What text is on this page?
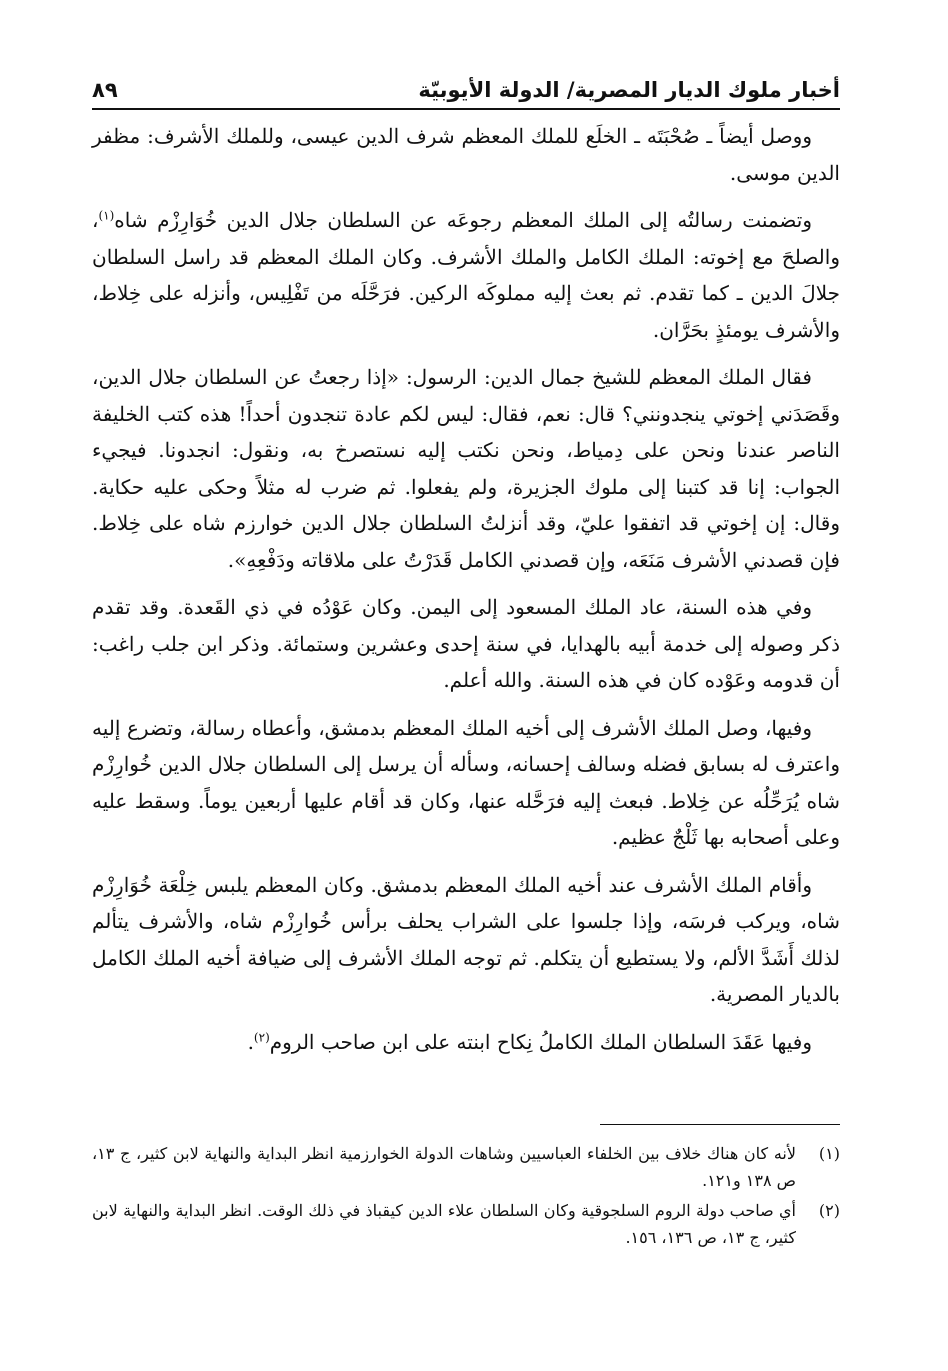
أخبار ملوك الديار المصرية/ الدولة الأيوبيّة
٨٩

ووصل أيضاً ـ صُحْبَتَه ـ الخلَع للملك المعظم شرف الدين عيسى، وللملك الأشرف: مظفر الدين موسى.

وتضمنت رسالتُه إلى الملك المعظم رجوعَه عن السلطان جلال الدين خُوَارِزْم شاه$^{(١)}$، والصلحَ مع إخوته: الملك الكامل والملك الأشرف. وكان الملك المعظم قد راسل السلطان جلالَ الدين ـ كما تقدم. ثم بعث إليه مملوكَه الركين. فرَحَّلَه من تَفْلِيس، وأنزله على خِلاط، والأشرف يومئذٍ بحَرَّان.

فقال الملك المعظم للشيخ جمال الدين: الرسول: «إذا رجعتُ عن السلطان جلال الدين، وقَصَدَني إخوتي ينجدونني؟ قال: نعم، فقال: ليس لكم عادة تنجدون أحداً! هذه كتب الخليفة الناصر عندنا ونحن على دِمياط، ونحن نكتب إليه نستصرخ به، ونقول: انجدونا. فيجيء الجواب: إنا قد كتبنا إلى ملوك الجزيرة، ولم يفعلوا. ثم ضرب له مثلاً وحكى عليه حكاية. وقال: إن إخوتي قد اتفقوا عليّ، وقد أنزلتُ السلطان جلال الدين خوارزم شاه على خِلاط. فإن قصدني الأشرف مَنَعَه، وإن قصدني الكامل قَدَرْتُ على ملاقاته ودَفْعِهِ».

وفي هذه السنة، عاد الملك المسعود إلى اليمن. وكان عَوْدُه في ذي القَعدة. وقد تقدم ذكر وصوله إلى خدمة أبيه بالهدايا، في سنة إحدى وعشرين وستمائة. وذكر ابن جلب راغب: أن قدومه وعَوْده كان في هذه السنة. والله أعلم.

وفيها، وصل الملك الأشرف إلى أخيه الملك المعظم بدمشق، وأعطاه رسالة، وتضرع إليه واعترف له بسابق فضله وسالف إحسانه، وسأله أن يرسل إلى السلطان جلال الدين خُوارِزْم شاه يُرَحِّلُه عن خِلاط. فبعث إليه فرَحَّله عنها، وكان قد أقام عليها أربعين يوماً. وسقط عليه وعلى أصحابه بها ثَلْجٌ عظيم.

وأقام الملك الأشرف عند أخيه الملك المعظم بدمشق. وكان المعظم يلبس خِلْعَة خُوَارِزْم شاه، ويركب فرسَه، وإذا جلسوا على الشراب يحلف برأس خُوارِزْم شاه، والأشرف يتألم لذلك أَشَدَّ الألم، ولا يستطيع أن يتكلم. ثم توجه الملك الأشرف إلى ضيافة أخيه الملك الكامل بالديار المصرية.

وفيها عَقَدَ السلطان الملك الكاملُ نِكاح ابنته على ابن صاحب الروم$^{(٢)}$.

(١)
لأنه كان هناك خلاف بين الخلفاء العباسيين وشاهات الدولة الخوارزمية انظر البداية والنهاية لابن كثير، ج ١٣، ص ١٣٨ و١٢١.
(٢)
أي صاحب دولة الروم السلجوقية وكان السلطان علاء الدين كيقباذ في ذلك الوقت. انظر البداية والنهاية لابن كثير، ج ١٣، ص ١٣٦، ١٥٦.
